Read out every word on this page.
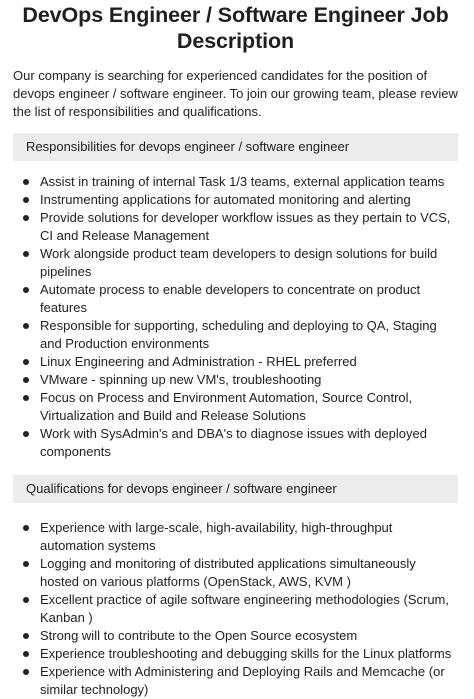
DevOps Engineer / Software Engineer Job Description

Our company is searching for experienced candidates for the position of devops engineer / software engineer. To join our growing team, please review the list of responsibilities and qualifications.

Responsibilities for devops engineer / software engineer
Assist in training of internal Task 1/3 teams, external application teams
Instrumenting applications for automated monitoring and alerting
Provide solutions for developer workflow issues as they pertain to VCS, CI and Release Management
Work alongside product team developers to design solutions for build pipelines
Automate process to enable developers to concentrate on product features
Responsible for supporting, scheduling and deploying to QA, Staging and Production environments
Linux Engineering and Administration - RHEL preferred
VMware - spinning up new VM's, troubleshooting
Focus on Process and Environment Automation, Source Control, Virtualization and Build and Release Solutions
Work with SysAdmin's and DBA's to diagnose issues with deployed components
Qualifications for devops engineer / software engineer
Experience with large-scale, high-availability, high-throughput automation systems
Logging and monitoring of distributed applications simultaneously hosted on various platforms (OpenStack, AWS, KVM )
Excellent practice of agile software engineering methodologies (Scrum, Kanban )
Strong will to contribute to the Open Source ecosystem
Experience troubleshooting and debugging skills for the Linux platforms
Experience with Administering and Deploying Rails and Memcache (or similar technology)
